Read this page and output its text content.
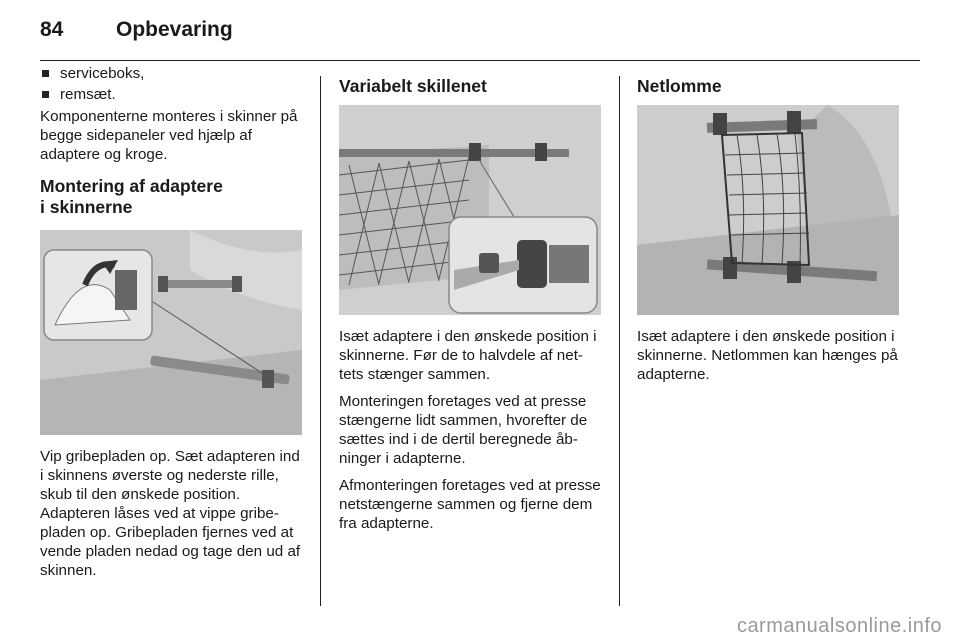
84	Opbevaring

serviceboks,

remsæt.

Komponenterne monteres i skinner på begge sidepaneler ved hjælp af adaptere og kroge.

Montering af adaptere
i skinnerne

Vip gribepladen op. Sæt adapteren ind i skinnens øverste og nederste rille, skub til den ønskede position. Adapteren låses ved at vippe gribe-pladen op. Gribepladen fjernes ved at vende pladen nedad og tage den ud af skinnen.

Variabelt skillenet

Isæt adaptere i den ønskede position i skinnerne. Før de to halvdele af net-tets stænger sammen.

Monteringen foretages ved at presse stængerne lidt sammen, hvorefter de sættes ind i de dertil beregnede åb-ninger i adapterne.

Afmonteringen foretages ved at presse netstængerne sammen og fjerne dem fra adapterne.

Netlomme

Isæt adaptere i den ønskede position i skinnerne. Netlommen kan hænges på adapterne.

carmanualsonline.info
